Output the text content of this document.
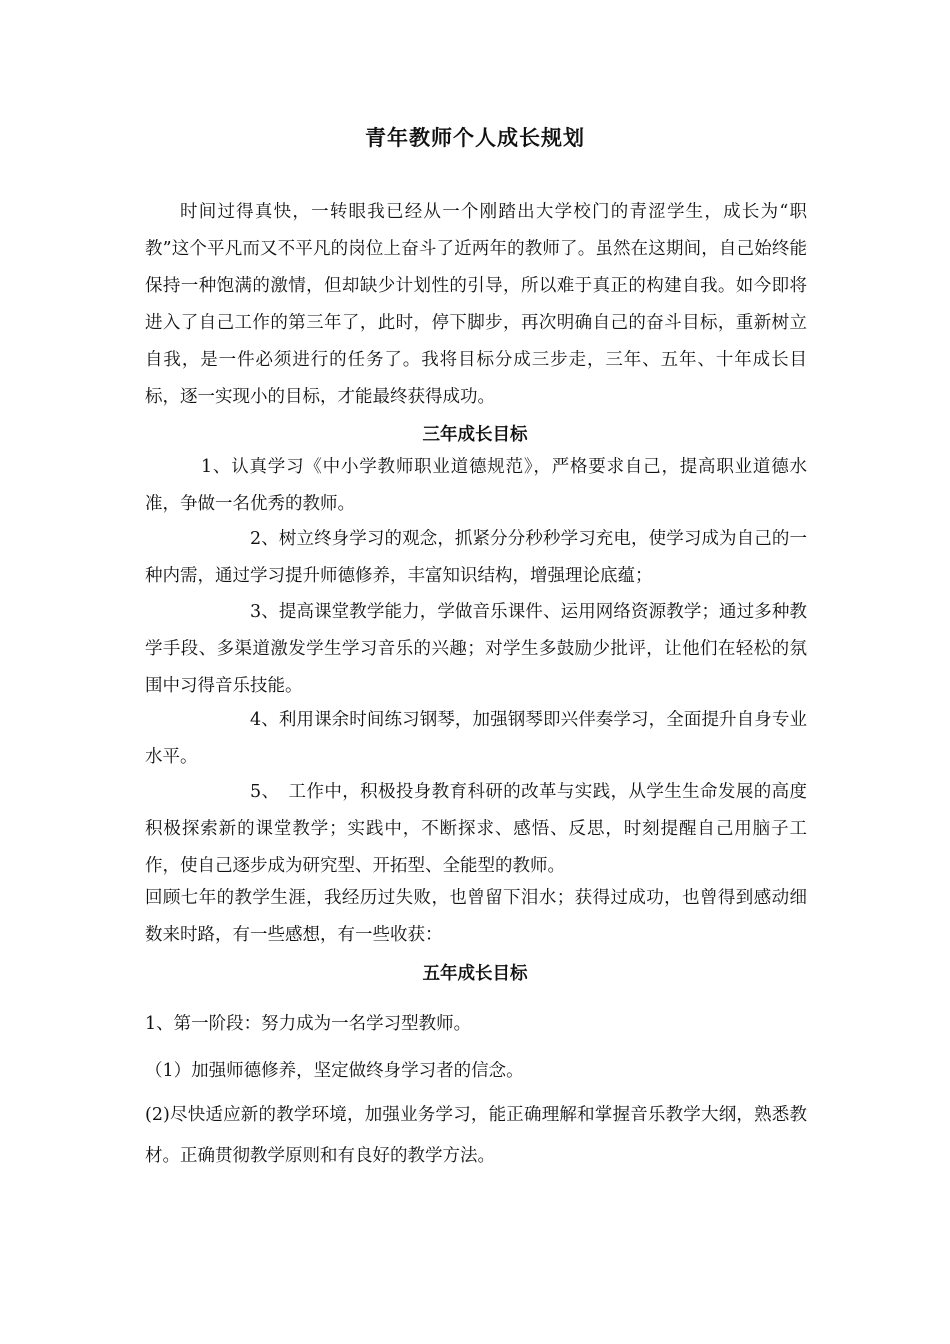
青年教师个人成长规划

时间过得真快，一转眼我已经从一个刚踏出大学校门的青涩学生，成长为“职教”这个平凡而又不平凡的岗位上奋斗了近两年的教师了。虽然在这期间，自己始终能保持一种饱满的激情，但却缺少计划性的引导，所以难于真正的构建自我。如今即将进入了自己工作的第三年了，此时，停下脚步，再次明确自己的奋斗目标，重新树立自我，是一件必须进行的任务了。我将目标分成三步走，三年、五年、十年成长目标，逐一实现小的目标，才能最终获得成功。

三年成长目标

1、认真学习《中小学教师职业道德规范》，严格要求自己，提高职业道德水准，争做一名优秀的教师。

2、树立终身学习的观念，抓紧分分秒秒学习充电，使学习成为自己的一种内需，通过学习提升师德修养，丰富知识结构，增强理论底蕴；

3、提高课堂教学能力，学做音乐课件、运用网络资源教学；通过多种教学手段、多渠道激发学生学习音乐的兴趣；对学生多鼓励少批评，让他们在轻松的氛围中习得音乐技能。

4、利用课余时间练习钢琴，加强钢琴即兴伴奏学习，全面提升自身专业水平。

5、　工作中，积极投身教育科研的改革与实践，从学生生命发展的高度积极探索新的课堂教学；实践中，不断探求、感悟、反思，时刻提醒自己用脑子工作，使自己逐步成为研究型、开拓型、全能型的教师。

回顾七年的教学生涯，我经历过失败，也曾留下泪水；获得过成功，也曾得到感动细数来时路，有一些感想，有一些收获：

五年成长目标

1、第一阶段：努力成为一名学习型教师。

（1）加强师德修养，坚定做终身学习者的信念。

(2)尽快适应新的教学环境，加强业务学习，能正确理解和掌握音乐教学大纲，熟悉教材。正确贯彻教学原则和有良好的教学方法。
